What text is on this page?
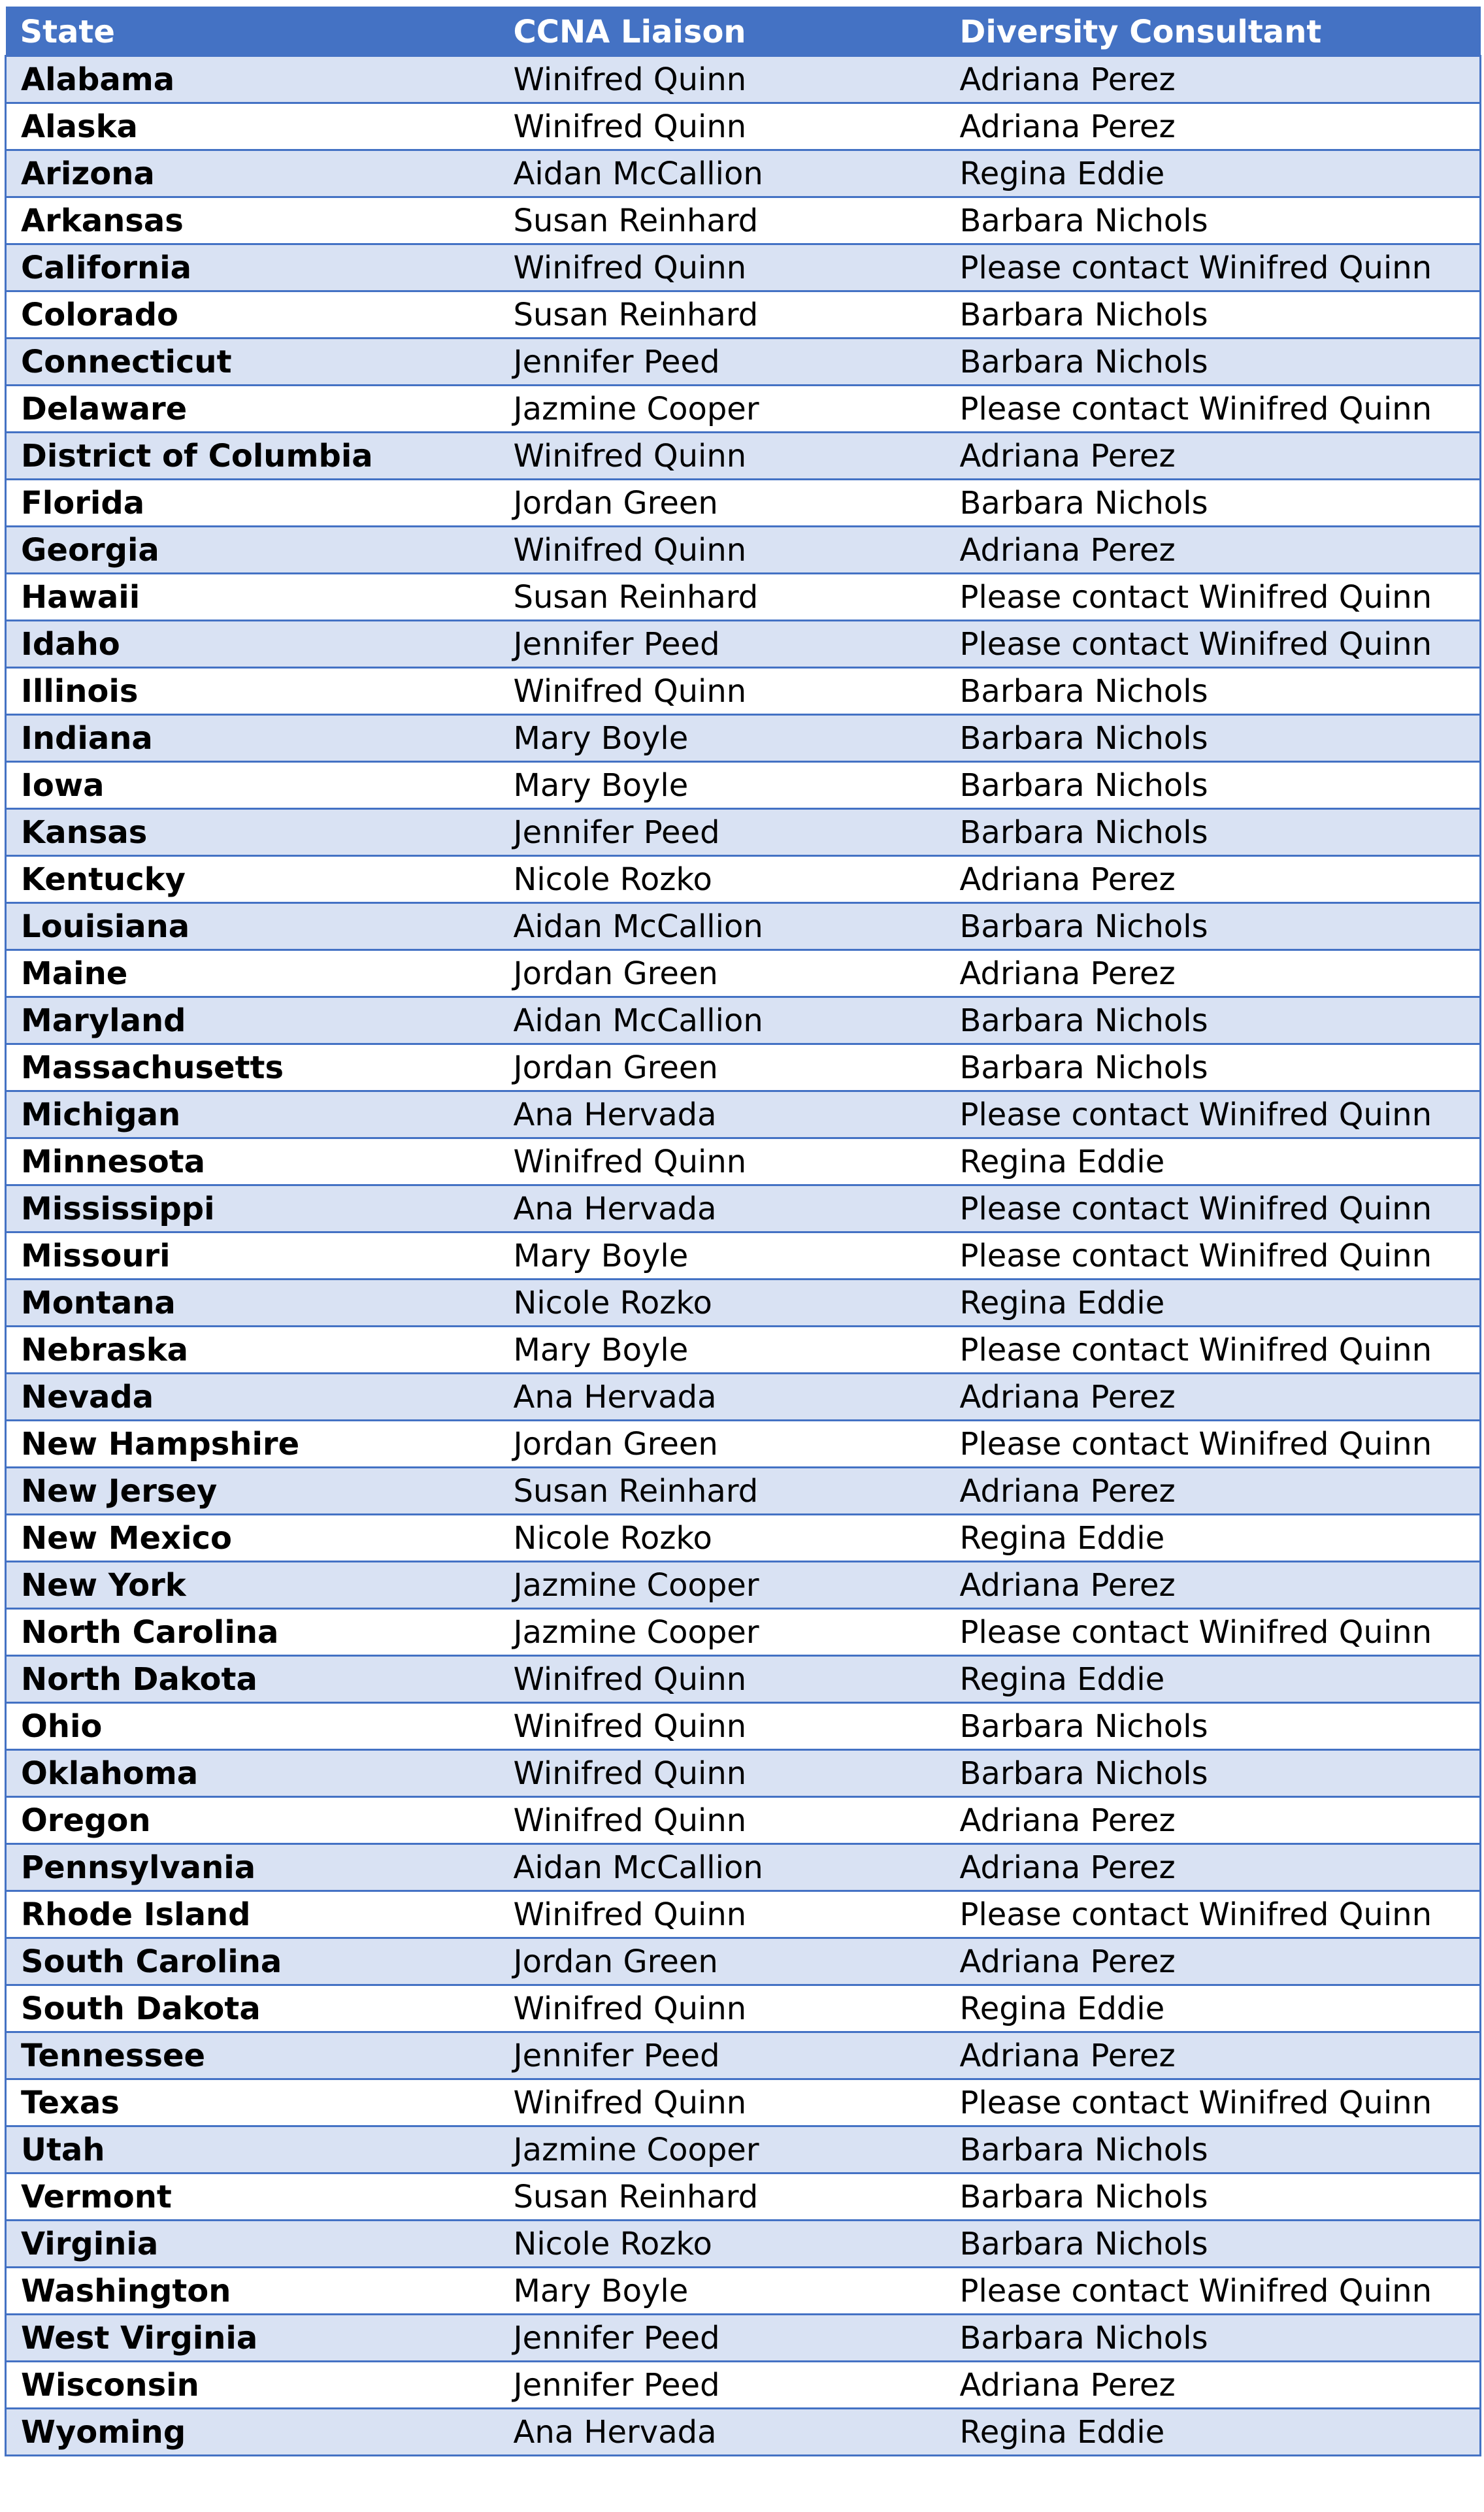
State	CCNA Liaison	Diversity Consultant
Alabama	Winifred Quinn	Adriana Perez
Alaska	Winifred Quinn	Adriana Perez
Arizona	Aidan McCallion	Regina Eddie
Arkansas	Susan Reinhard	Barbara Nichols
California	Winifred Quinn	Please contact Winifred Quinn
Colorado	Susan Reinhard	Barbara Nichols
Connecticut	Jennifer Peed	Barbara Nichols
Delaware	Jazmine Cooper	Please contact Winifred Quinn
District of Columbia	Winifred Quinn	Adriana Perez
Florida	Jordan Green	Barbara Nichols
Georgia	Winifred Quinn	Adriana Perez
Hawaii	Susan Reinhard	Please contact Winifred Quinn
Idaho	Jennifer Peed	Please contact Winifred Quinn
Illinois	Winifred Quinn	Barbara Nichols
Indiana	Mary Boyle	Barbara Nichols
Iowa	Mary Boyle	Barbara Nichols
Kansas	Jennifer Peed	Barbara Nichols
Kentucky	Nicole Rozko	Adriana Perez
Louisiana	Aidan McCallion	Barbara Nichols
Maine	Jordan Green	Adriana Perez
Maryland	Aidan McCallion	Barbara Nichols
Massachusetts	Jordan Green	Barbara Nichols
Michigan	Ana Hervada	Please contact Winifred Quinn
Minnesota	Winifred Quinn	Regina Eddie
Mississippi	Ana Hervada	Please contact Winifred Quinn
Missouri	Mary Boyle	Please contact Winifred Quinn
Montana	Nicole Rozko	Regina Eddie
Nebraska	Mary Boyle	Please contact Winifred Quinn
Nevada	Ana Hervada	Adriana Perez
New Hampshire	Jordan Green	Please contact Winifred Quinn
New Jersey	Susan Reinhard	Adriana Perez
New Mexico	Nicole Rozko	Regina Eddie
New York	Jazmine Cooper	Adriana Perez
North Carolina	Jazmine Cooper	Please contact Winifred Quinn
North Dakota	Winifred Quinn	Regina Eddie
Ohio	Winifred Quinn	Barbara Nichols
Oklahoma	Winifred Quinn	Barbara Nichols
Oregon	Winifred Quinn	Adriana Perez
Pennsylvania	Aidan McCallion	Adriana Perez
Rhode Island	Winifred Quinn	Please contact Winifred Quinn
South Carolina	Jordan Green	Adriana Perez
South Dakota	Winifred Quinn	Regina Eddie
Tennessee	Jennifer Peed	Adriana Perez
Texas	Winifred Quinn	Please contact Winifred Quinn
Utah	Jazmine Cooper	Barbara Nichols
Vermont	Susan Reinhard	Barbara Nichols
Virginia	Nicole Rozko	Barbara Nichols
Washington	Mary Boyle	Please contact Winifred Quinn
West Virginia	Jennifer Peed	Barbara Nichols
Wisconsin	Jennifer Peed	Adriana Perez
Wyoming	Ana Hervada	Regina Eddie
